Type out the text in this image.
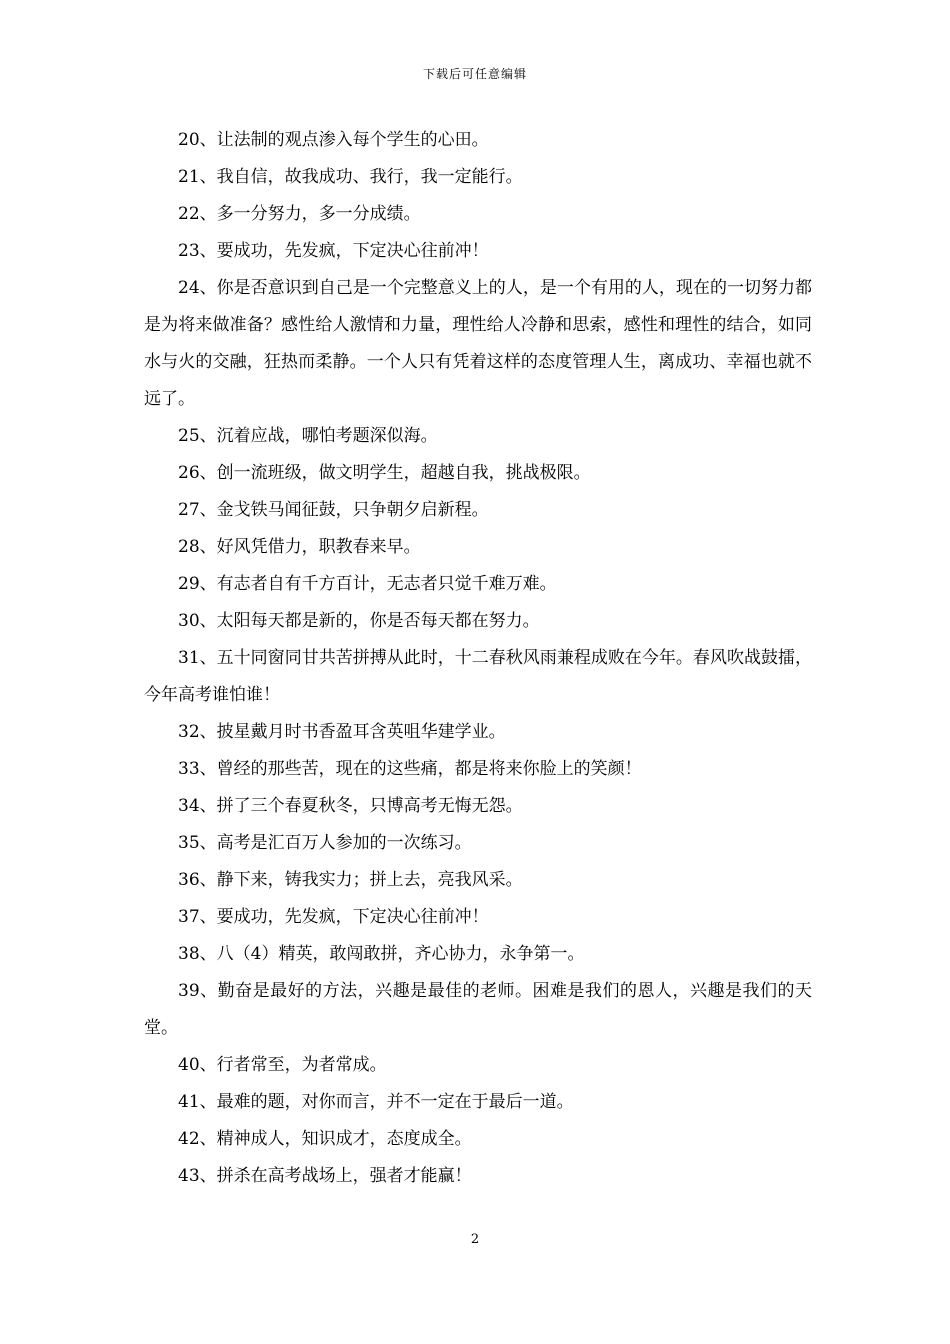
下载后可任意编辑

20、让法制的观点渗入每个学生的心田。

21、我自信，故我成功、我行，我一定能行。

22、多一分努力，多一分成绩。

23、要成功，先发疯，下定决心往前冲！

24、你是否意识到自己是一个完整意义上的人，是一个有用的人，现在的一切努力都是为将来做准备？感性给人激情和力量，理性给人冷静和思索，感性和理性的结合，如同水与火的交融，狂热而柔静。一个人只有凭着这样的态度管理人生，离成功、幸福也就不远了。

25、沉着应战，哪怕考题深似海。

26、创一流班级，做文明学生，超越自我，挑战极限。

27、金戈铁马闻征鼓，只争朝夕启新程。

28、好风凭借力，职教春来早。

29、有志者自有千方百计，无志者只觉千难万难。

30、太阳每天都是新的，你是否每天都在努力。

31、五十同窗同甘共苦拼搏从此时，十二春秋风雨兼程成败在今年。春风吹战鼓擂，今年高考谁怕谁！

32、披星戴月时书香盈耳含英咀华建学业。

33、曾经的那些苦，现在的这些痛，都是将来你脸上的笑颜！

34、拼了三个春夏秋冬，只博高考无悔无怨。

35、高考是汇百万人参加的一次练习。

36、静下来，铸我实力；拼上去，亮我风采。

37、要成功，先发疯，下定决心往前冲！

38、八（4）精英，敢闯敢拼，齐心协力，永争第一。

39、勤奋是最好的方法，兴趣是最佳的老师。困难是我们的恩人，兴趣是我们的天堂。

40、行者常至，为者常成。

41、最难的题，对你而言，并不一定在于最后一道。

42、精神成人，知识成才，态度成全。

43、拼杀在高考战场上，强者才能赢！

2
